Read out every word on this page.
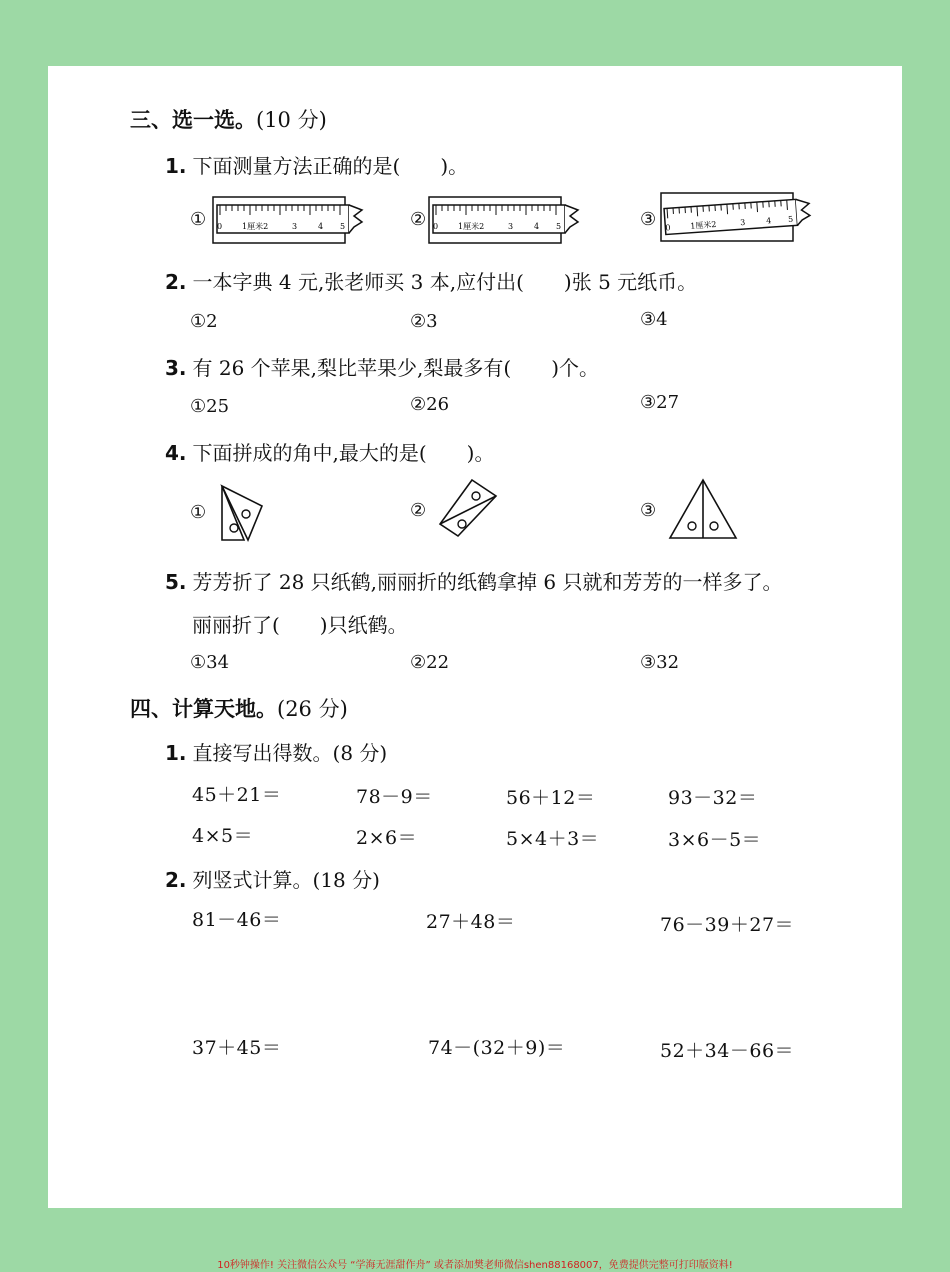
三、选一选。(10 分)
1. 下面测量方法正确的是(　　)。
① 0 1厘米2	3	4 5	② 0 1厘米2	3	4 5	③ 0 1厘米2	3	4 5
2. 一本字典 4 元,张老师买 3 本,应付出(　　)张 5 元纸币。
①2	②3	③4
3. 有 26 个苹果,梨比苹果少,梨最多有(　　)个。
①25	②26	③27
4. 下面拼成的角中,最大的是(　　)。
①	②	③
5. 芳芳折了 28 只纸鹤,丽丽折的纸鹤拿掉 6 只就和芳芳的一样多了。
丽丽折了(　　)只纸鹤。
①34	②22	③32
四、计算天地。(26 分)
1. 直接写出得数。(8 分)
45＋21＝	78－9＝	56＋12＝	93－32＝
4×5＝	2×6＝	5×4＋3＝	3×6－5＝
2. 列竖式计算。(18 分)
81－46＝	27＋48＝	76－39＋27＝
37＋45＝	74－(32＋9)＝	52＋34－66＝
10秒钟操作! 关注微信公众号 “学海无涯甜作舟” 或者添加樊老师微信shen88168007，免费提供完整可打印版资料!
